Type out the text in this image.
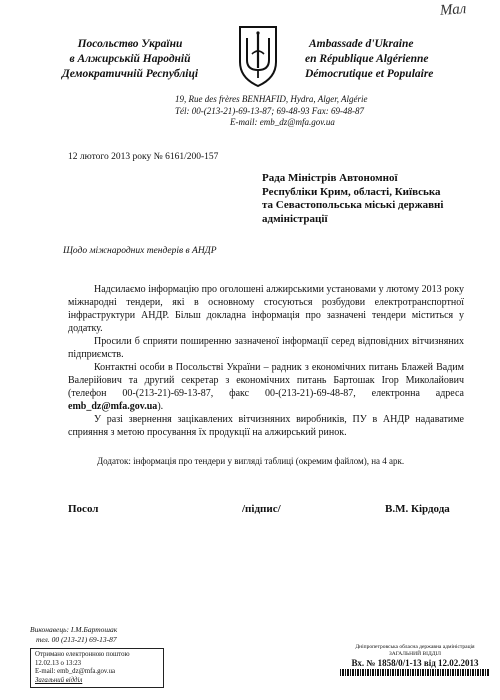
Мал
Посольство України
в Алжирській Народній
Демократичній Республіці
Ambassade d'Ukraine
en République Algérienne
Démocrutique et Populaire
19, Rue des frères BENHAFID, Hydra, Alger, Algérie
Tél: 00-(213-21)-69-13-87; 69-48-93 Fax: 69-48-87
E-mail: emb_dz@mfa.gov.ua
12 лютого 2013 року № 6161/200-157
Рада Міністрів Автономної
Республіки Крим, області, Київська
та Севастопольська міські державні
адміністрації
Щодо міжнародних тендерів в АНДР

Надсилаємо інформацію про оголошені алжирськими установами у лютому 2013 року міжнародні тендери, які в основному стосуються розбудови електротранспортної інфраструктури АНДР. Більш докладна інформація про зазначені тендери міститься у додатку.

Просили б сприяти поширенню зазначеної інформації серед відповідних вітчизняних підприємств.

Контактні особи в Посольстві України – радник з економічних питань Блажей Вадим Валерійович та другий секретар з економічних питань Бартошак Ігор Миколайович (телефон 00-(213-21)-69-13-87, факс 00-(213-21)-69-48-87, електронна адреса emb_dz@mfa.gov.ua).

У разі звернення зацікавлених вітчизняних виробників, ПУ в АНДР надаватиме сприяння з метою просування їх продукції на алжирський ринок.

Додаток: інформація про тендери у вигляді таблиці (окремим файлом), на 4 арк.
Посол	/підпис/	В.М. Кірдода
Виконавець: І.М.Бартошак
тел. 00 (213-21) 69-13-87
Отримано електронною поштою
12.02.13 о 13:23
E-mail: emb_dz@mfa.gov.ua
Загальний відділ
Дніпропетровська обласна державна адміністрація
ЗАГАЛЬНИЙ ВІДДІЛ
Вх. № 1858/0/1-13 від 12.02.2013
